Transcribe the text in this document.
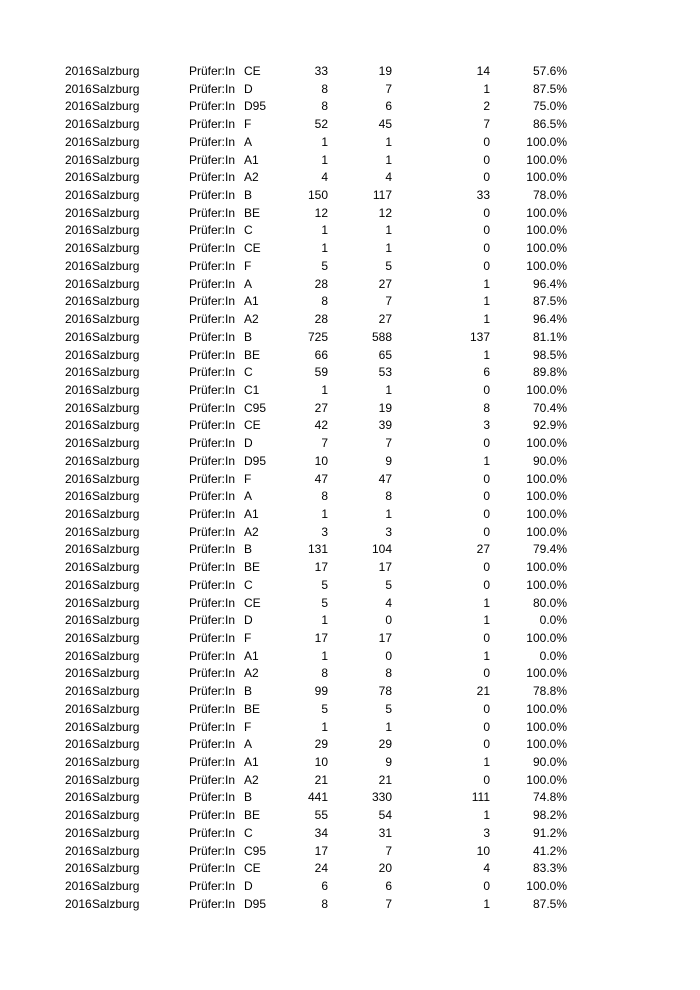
2016 Salzburg	Prüfer:In CE	33	19	14	57.6%
2016 Salzburg	Prüfer:In D	8	7	1	87.5%
2016 Salzburg	Prüfer:In D95	8	6	2	75.0%
2016 Salzburg	Prüfer:In F	52	45	7	86.5%
2016 Salzburg	Prüfer:In A	1	1	0	100.0%
2016 Salzburg	Prüfer:In A1	1	1	0	100.0%
2016 Salzburg	Prüfer:In A2	4	4	0	100.0%
2016 Salzburg	Prüfer:In B	150	117	33	78.0%
2016 Salzburg	Prüfer:In BE	12	12	0	100.0%
2016 Salzburg	Prüfer:In C	1	1	0	100.0%
2016 Salzburg	Prüfer:In CE	1	1	0	100.0%
2016 Salzburg	Prüfer:In F	5	5	0	100.0%
2016 Salzburg	Prüfer:In A	28	27	1	96.4%
2016 Salzburg	Prüfer:In A1	8	7	1	87.5%
2016 Salzburg	Prüfer:In A2	28	27	1	96.4%
2016 Salzburg	Prüfer:In B	725	588	137	81.1%
2016 Salzburg	Prüfer:In BE	66	65	1	98.5%
2016 Salzburg	Prüfer:In C	59	53	6	89.8%
2016 Salzburg	Prüfer:In C1	1	1	0	100.0%
2016 Salzburg	Prüfer:In C95	27	19	8	70.4%
2016 Salzburg	Prüfer:In CE	42	39	3	92.9%
2016 Salzburg	Prüfer:In D	7	7	0	100.0%
2016 Salzburg	Prüfer:In D95	10	9	1	90.0%
2016 Salzburg	Prüfer:In F	47	47	0	100.0%
2016 Salzburg	Prüfer:In A	8	8	0	100.0%
2016 Salzburg	Prüfer:In A1	1	1	0	100.0%
2016 Salzburg	Prüfer:In A2	3	3	0	100.0%
2016 Salzburg	Prüfer:In B	131	104	27	79.4%
2016 Salzburg	Prüfer:In BE	17	17	0	100.0%
2016 Salzburg	Prüfer:In C	5	5	0	100.0%
2016 Salzburg	Prüfer:In CE	5	4	1	80.0%
2016 Salzburg	Prüfer:In D	1	0	1	0.0%
2016 Salzburg	Prüfer:In F	17	17	0	100.0%
2016 Salzburg	Prüfer:In A1	1	0	1	0.0%
2016 Salzburg	Prüfer:In A2	8	8	0	100.0%
2016 Salzburg	Prüfer:In B	99	78	21	78.8%
2016 Salzburg	Prüfer:In BE	5	5	0	100.0%
2016 Salzburg	Prüfer:In F	1	1	0	100.0%
2016 Salzburg	Prüfer:In A	29	29	0	100.0%
2016 Salzburg	Prüfer:In A1	10	9	1	90.0%
2016 Salzburg	Prüfer:In A2	21	21	0	100.0%
2016 Salzburg	Prüfer:In B	441	330	111	74.8%
2016 Salzburg	Prüfer:In BE	55	54	1	98.2%
2016 Salzburg	Prüfer:In C	34	31	3	91.2%
2016 Salzburg	Prüfer:In C95	17	7	10	41.2%
2016 Salzburg	Prüfer:In CE	24	20	4	83.3%
2016 Salzburg	Prüfer:In D	6	6	0	100.0%
2016 Salzburg	Prüfer:In D95	8	7	1	87.5%
